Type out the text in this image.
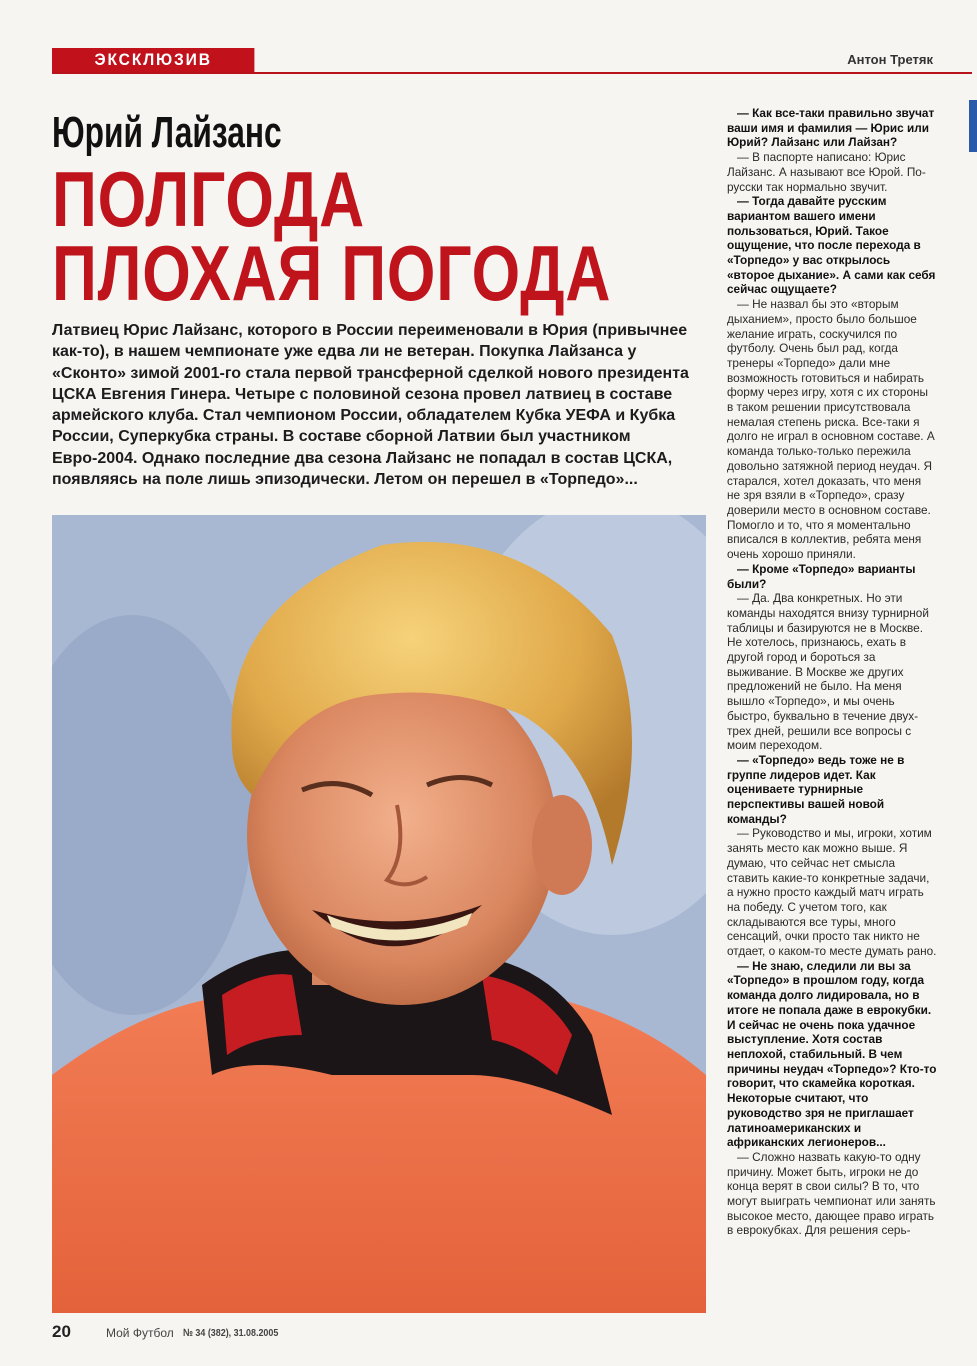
ЭКСКЛЮЗИВ	Антон Третяк
Юрий Лайзанс
ПОЛГОДА
ПЛОХАЯ ПОГОДА
Латвиец Юрис Лайзанс, которого в России переименовали в Юрия (привычнее как-то), в нашем чемпионате уже едва ли не ветеран. Покупка Лайзанса у «Сконто» зимой 2001-го стала первой трансферной сделкой нового президента ЦСКА Евгения Гинера. Четыре с половиной сезона провел латвиец в составе армейского клуба. Стал чемпионом России, обладателем Кубка УЕФА и Кубка России, Суперкубка страны. В составе сборной Латвии был участником Евро-2004. Однако последние два сезона Лайзанс не попадал в состав ЦСКА, появляясь на поле лишь эпизодически. Летом он перешел в «Торпедо»...

— Как все-таки правильно звучат ваши имя и фамилия — Юрис или Юрий? Лайзанс или Лайзан?

— В паспорте написано: Юрис Лайзанс. А называют все Юрой. По-русски так нормально звучит.

— Тогда давайте русским вариантом вашего имени пользоваться, Юрий. Такое ощущение, что после перехода в «Торпедо» у вас открылось «второе дыхание». А сами как себя сейчас ощущаете?

— Не назвал бы это «вторым дыханием», просто было большое желание играть, соскучился по футболу. Очень был рад, когда тренеры «Торпедо» дали мне возможность готовиться и набирать форму через игру, хотя с их стороны в таком решении присутствовала немалая степень риска. Все-таки я долго не играл в основном составе. А команда только-только пережила довольно затяжной период неудач. Я старался, хотел доказать, что меня не зря взяли в «Торпедо», сразу доверили место в основном составе. Помогло и то, что я моментально вписался в коллектив, ребята меня очень хорошо приняли.

— Кроме «Торпедо» варианты были?

— Да. Два конкретных. Но эти команды находятся внизу турнирной таблицы и базируются не в Москве. Не хотелось, признаюсь, ехать в другой город и бороться за выживание. В Москве же других предложений не было. На меня вышло «Торпедо», и мы очень быстро, буквально в течение двух-трех дней, решили все вопросы с моим переходом.

— «Торпедо» ведь тоже не в группе лидеров идет. Как оцениваете турнирные перспективы вашей новой команды?

— Руководство и мы, игроки, хотим занять место как можно выше. Я думаю, что сейчас нет смысла ставить какие-то конкретные задачи, а нужно просто каждый матч играть на победу. С учетом того, как складываются все туры, много сенсаций, очки просто так никто не отдает, о каком-то месте думать рано.

— Не знаю, следили ли вы за «Торпедо» в прошлом году, когда команда долго лидировала, но в итоге не попала даже в еврокубки. И сейчас не очень пока удачное выступление. Хотя состав неплохой, стабильный. В чем причины неудач «Торпедо»? Кто-то говорит, что скамейка короткая. Некоторые считают, что руководство зря не приглашает латиноамериканских и африканских легионеров...

— Сложно назвать какую-то одну причину. Может быть, игроки не до конца верят в свои силы? В то, что могут выиграть чемпионат или занять высокое место, дающее право играть в еврокубках. Для решения серь-

20	Мой Футбол № 34 (382), 31.08.2005
